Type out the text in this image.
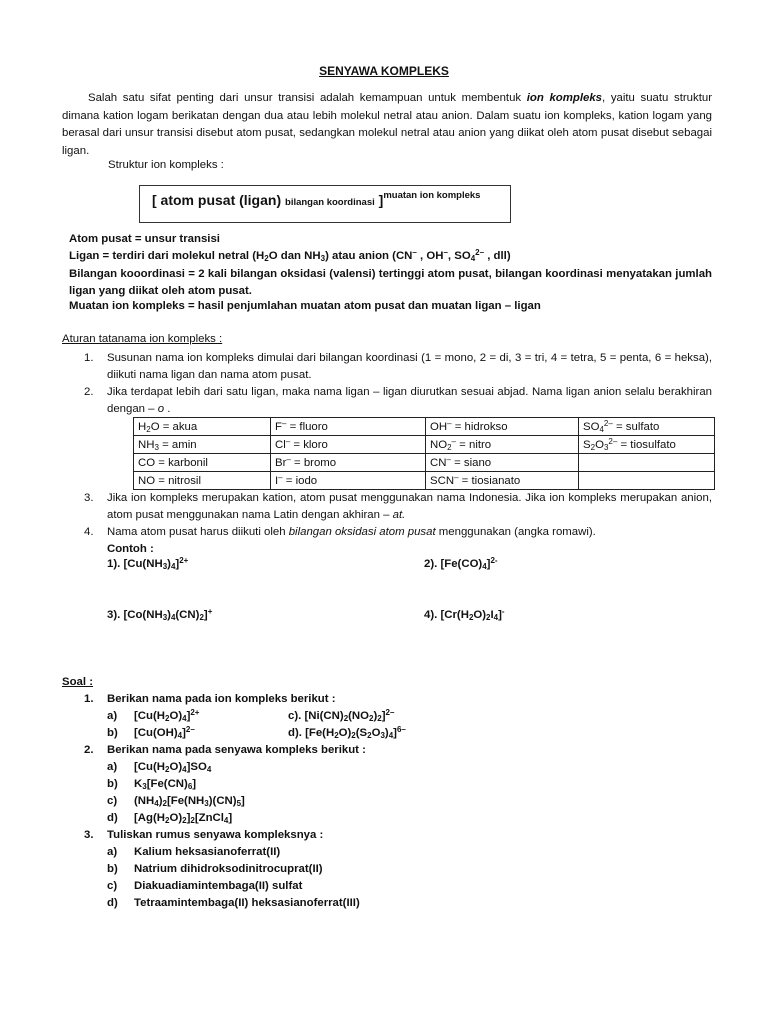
SENYAWA KOMPLEKS
Salah satu sifat penting dari unsur transisi adalah kemampuan untuk membentuk ion kompleks, yaitu suatu struktur dimana kation logam berikatan dengan dua atau lebih molekul netral atau anion. Dalam suatu ion kompleks, kation logam yang berasal dari unsur transisi disebut atom pusat, sedangkan molekul netral atau anion yang diikat oleh atom pusat disebut sebagai ligan.
Struktur ion kompleks :
[ atom pusat (ligan) bilangan koordinasi ]$^{muatan ion kompleks}$
Atom pusat = unsur transisi
Ligan = terdiri dari molekul netral ($H_2O$ dan $NH_3$) atau anion (CN– , OH–, $SO_4^{2-}$ , dll)
Bilangan kooordinasi = 2 kali bilangan oksidasi (valensi) tertinggi atom pusat, bilangan koordinasi menyatakan jumlah ligan yang diikat oleh atom pusat.
Muatan ion kompleks = hasil penjumlahan muatan atom pusat dan muatan ligan – ligan
Aturan tatanama ion kompleks :
1. Susunan nama ion kompleks dimulai dari bilangan koordinasi (1 = mono, 2 = di, 3 = tri, 4 = tetra, 5 = penta, 6 = heksa), diikuti nama ligan dan nama atom pusat.
2. Jika terdapat lebih dari satu ligan, maka nama ligan – ligan diurutkan sesuai abjad. Nama ligan anion selalu berakhiran dengan – o .
$H_2O$ = akua	F– = fluoro	OH– = hidrokso	$SO_4^{2-}$ = sulfato
$NH_3 = amin$	Cl– = kloro	$NO_2^-$ = nitro	$S_2O_3^{2-}$ = tiosulfato
CO = karbonil	Br– = bromo	CN– = siano	
NO = nitrosil	I– = iodo	SCN– = tiosianato	
3. Jika ion kompleks merupakan kation, atom pusat menggunakan nama Indonesia. Jika ion kompleks merupakan anion, atom pusat menggunakan nama Latin dengan akhiran – at.
4. Nama atom pusat harus diikuti oleh bilangan oksidasi atom pusat menggunakan (angka romawi).
Contoh :
1). $[Cu(NH_3)_4]^{2+}$	2). $[Fe(CO)_4]^{2-}$
3). $[Co(NH_3)_4(CN)_2]^+$	4). $[Cr(H_2O)_2I_4]^-$
Soal :
1. Berikan nama pada ion kompleks berikut :
a) $[Cu(H_2O)_4]^{2+}$	c). $[Ni(CN)_2(NO_2)_2]^{2-}$
b) $[Cu(OH)_4]^{2-}$	d). $[Fe(H_2O)_2(S_2O_3)_4]^{6-}$
2. Berikan nama pada senyawa kompleks berikut :
a) $[Cu(H_2O)_4]SO_4$
b) $K_3[Fe(CN)_6]$
c) $(NH_4)_2[Fe(NH_3)(CN)_5]$
d) $[Ag(H_2O)_2]_2[ZnCl_4]$
3. Tuliskan rumus senyawa kompleksnya :
a) Kalium heksasianoferrat(II)
b) Natrium dihidroksodinitrocuprat(II)
c) Diakuadiamintembaga(II) sulfat
d) Tetraamintembaga(II) heksasianoferrat(III)
